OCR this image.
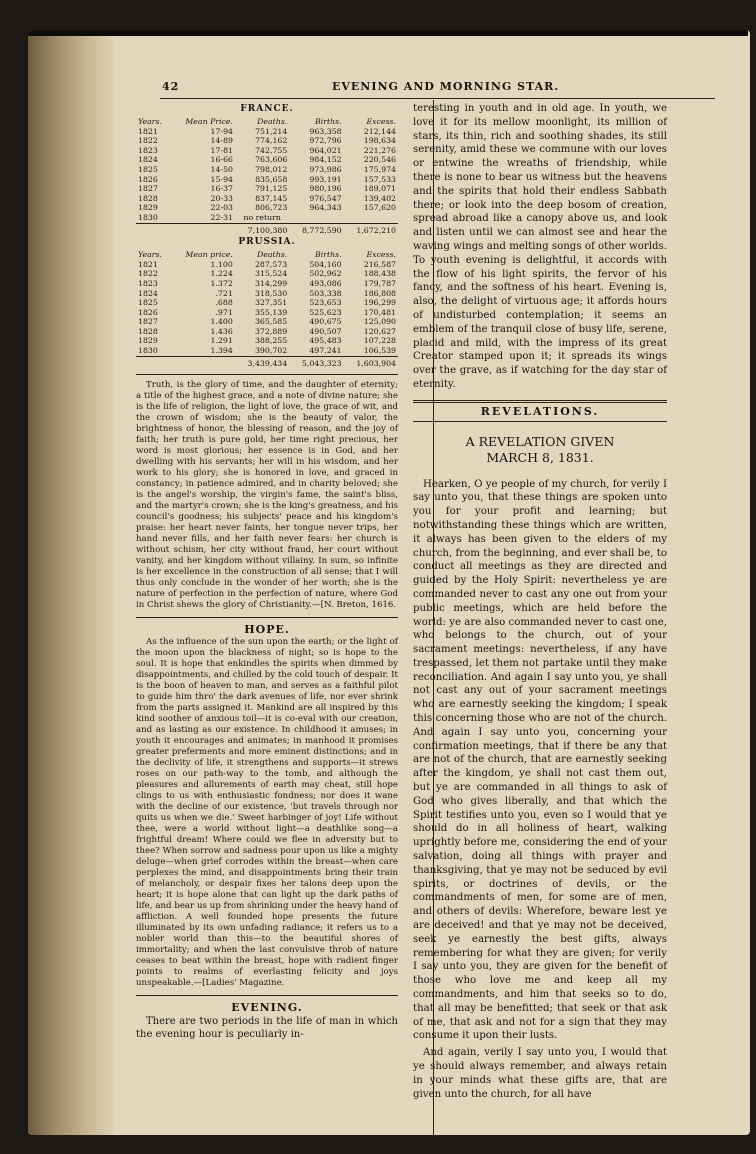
42	EVENING AND MORNING STAR.
FRANCE.
Years.	Mean Price.	Deaths.	Births.	Excess.
1821	17-94	751,214	963,358	212,144
1822	14-89	774,162	972,796	198,634
1823	17-81	742,755	964,021	221,276
1824	16-66	763,606	984,152	220,546
1825	14-50	798,012	973,986	175,974
1826	15-94	835,658	993,191	157,533
1827	16-37	791,125	980,196	189,071
1828	20-33	837,145	976,547	139,402
1829	22-03	806,723	964,343	157,620
1830	22-31	no return		
		7,100,380	8,772,590	1,672,210
PRUSSIA.
Years.	Mean price.	Deaths.	Births.	Excess.
1821	1.100	287,573	504,160	216,587
1822	1.224	315,524	502,962	188,438
1823	1.372	314,299	493,086	179,787
1824	.721	318,530	503,338	186,808
1825	.688	327,351	523,653	196,299
1826	.971	355,139	525,623	170,481
1827	1.400	365,585	490,675	125,090
1828	1.436	372,889	490,507	120,627
1829	1.291	388,255	495,483	107,228
1830	1.394	390,702	497,241	106,539
		3,439,434	5,043,323	1,603,904

Truth, is the glory of time, and the daughter of eternity; a title of the highest grace, and a note of divine nature; she is the life of religion, the light of love, the grace of wit, and the crown of wisdom; she is the beauty of valor, the brightness of honor, the blessing of reason, and the joy of faith; her truth is pure gold, her time right precious, her word is most glorious; her essence is in God, and her dwelling with his servants; her will in his wisdom, and her work to his glory; she is honored in love, and graced in constancy; in patience admired, and in charity beloved; she is the angel's worship, the virgin's fame, the saint's bliss, and the martyr's crown; she is the king's greatness, and his council's goodness; his subjects' peace and his kingdom's praise: her heart never faints, her tongue never trips, her hand never fills, and her faith never fears: her church is without schism, her city without fraud, her court without vanity, and her kingdom without villainy. In sum, so infinite is her excellence in the construction of all sense; that I will thus only conclude in the wonder of her worth; she is the nature of perfection in the perfection of nature, where God in Christ shews the glory of Christianity.—[N. Breton, 1616.

HOPE.

As the influence of the sun upon the earth; or the light of the moon upon the blackness of night; so is hope to the soul. It is hope that enkindles the spirits when dimmed by disappointments, and chilled by the cold touch of despair. It is the boon of heaven to man, and serves as a faithful pilot to guide him thro' the dark avenues of life, nor ever shrink from the parts assigned it. Mankind are all inspired by this kind soother of anxious toil—it is co-eval with our creation, and as lasting as our existence. In childhood it amuses; in youth it encourages and animates; in manhood it promises greater preferments and more eminent distinctions; and in the declivity of life, it strengthens and supports—it strews roses on our path-way to the tomb, and although the pleasures and allurements of earth may cheat, still hope clings to us with enthusiastic fondness; nor does it wane with the decline of our existence, 'but travels through nor quits us when we die.' Sweet harbinger of joy! Life without thee, were a world without light—a deathlike song—a frightful dream! Where could we flee in adversity but to thee? When sorrow and sadness pour upon us like a mighty deluge—when grief corrodes within the breast—when care perplexes the mind, and disappointments bring their train of melancholy, or despair fixes her talons deep upon the heart; it is hope alone that can light up the dark paths of life, and bear us up from shrinking under the heavy hand of affliction. A well founded hope presents the future illuminated by its own unfading radiance; it refers us to a nobler world than this—to the beautiful shores of immortality; and when the last convulsive throb of nature ceases to beat within the breast, hope with radient finger points to realms of everlasting felicity and joys unspeakable.—[Ladies' Magazine.

EVENING.

There are two periods in the life of man in which the evening hour is peculiarly in-

teresting in youth and in old age. In youth, we love it for its mellow moonlight, its million of stars, its thin, rich and soothing shades, its still serenity, amid these we commune with our loves or entwine the wreaths of friendship, while there is none to bear us witness but the heavens and the spirits that hold their endless Sabbath there; or look into the deep bosom of creation, spread abroad like a canopy above us, and look and listen until we can almost see and hear the waving wings and melting songs of other worlds. To youth evening is delightful, it accords with the flow of his light spirits, the fervor of his fancy, and the softness of his heart. Evening is, also, the delight of virtuous age; it affords hours of undisturbed contemplation; it seems an emblem of the tranquil close of busy life, serene, placid and mild, with the impress of its great Creator stamped upon it; it spreads its wings over the grave, as if watching for the day star of eternity.

REVELATIONS.
A REVELATION GIVEN
MARCH 8, 1831.

Hearken, O ye people of my church, for verily I say unto you, that these things are spoken unto you for your profit and learning; but notwithstanding these things which are written, it always has been given to the elders of my church, from the beginning, and ever shall be, to conduct all meetings as they are directed and guided by the Holy Spirit: nevertheless ye are commanded never to cast any one out from your public meetings, which are held before the world: ye are also commanded never to cast one, who belongs to the church, out of your sacrament meetings: nevertheless, if any have trespassed, let them not partake until they make reconciliation. And again I say unto you, ye shall not cast any out of your sacrament meetings who are earnestly seeking the kingdom; I speak this concerning those who are not of the church. And again I say unto you, concerning your confirmation meetings, that if there be any that are not of the church, that are earnestly seeking after the kingdom, ye shall not cast them out, but ye are commanded in all things to ask of God who gives liberally, and that which the Spirit testifies unto you, even so I would that ye should do in all holiness of heart, walking uprightly before me, considering the end of your salvation, doing all things with prayer and thanksgiving, that ye may not be seduced by evil spirits, or doctrines of devils, or the commandments of men, for some are of men, and others of devils: Wherefore, beware lest ye are deceived! and that ye may not be deceived, seek ye earnestly the best gifts, always remembering for what they are given; for verily I say unto you, they are given for the benefit of those who love me and keep all my commandments, and him that seeks so to do, that all may be benefitted; that seek or that ask of me, that ask and not for a sign that they may consume it upon their lusts.

And again, verily I say unto you, I would that ye should always remember, and always retain in your minds what these gifts are, that are given unto the church, for all have
